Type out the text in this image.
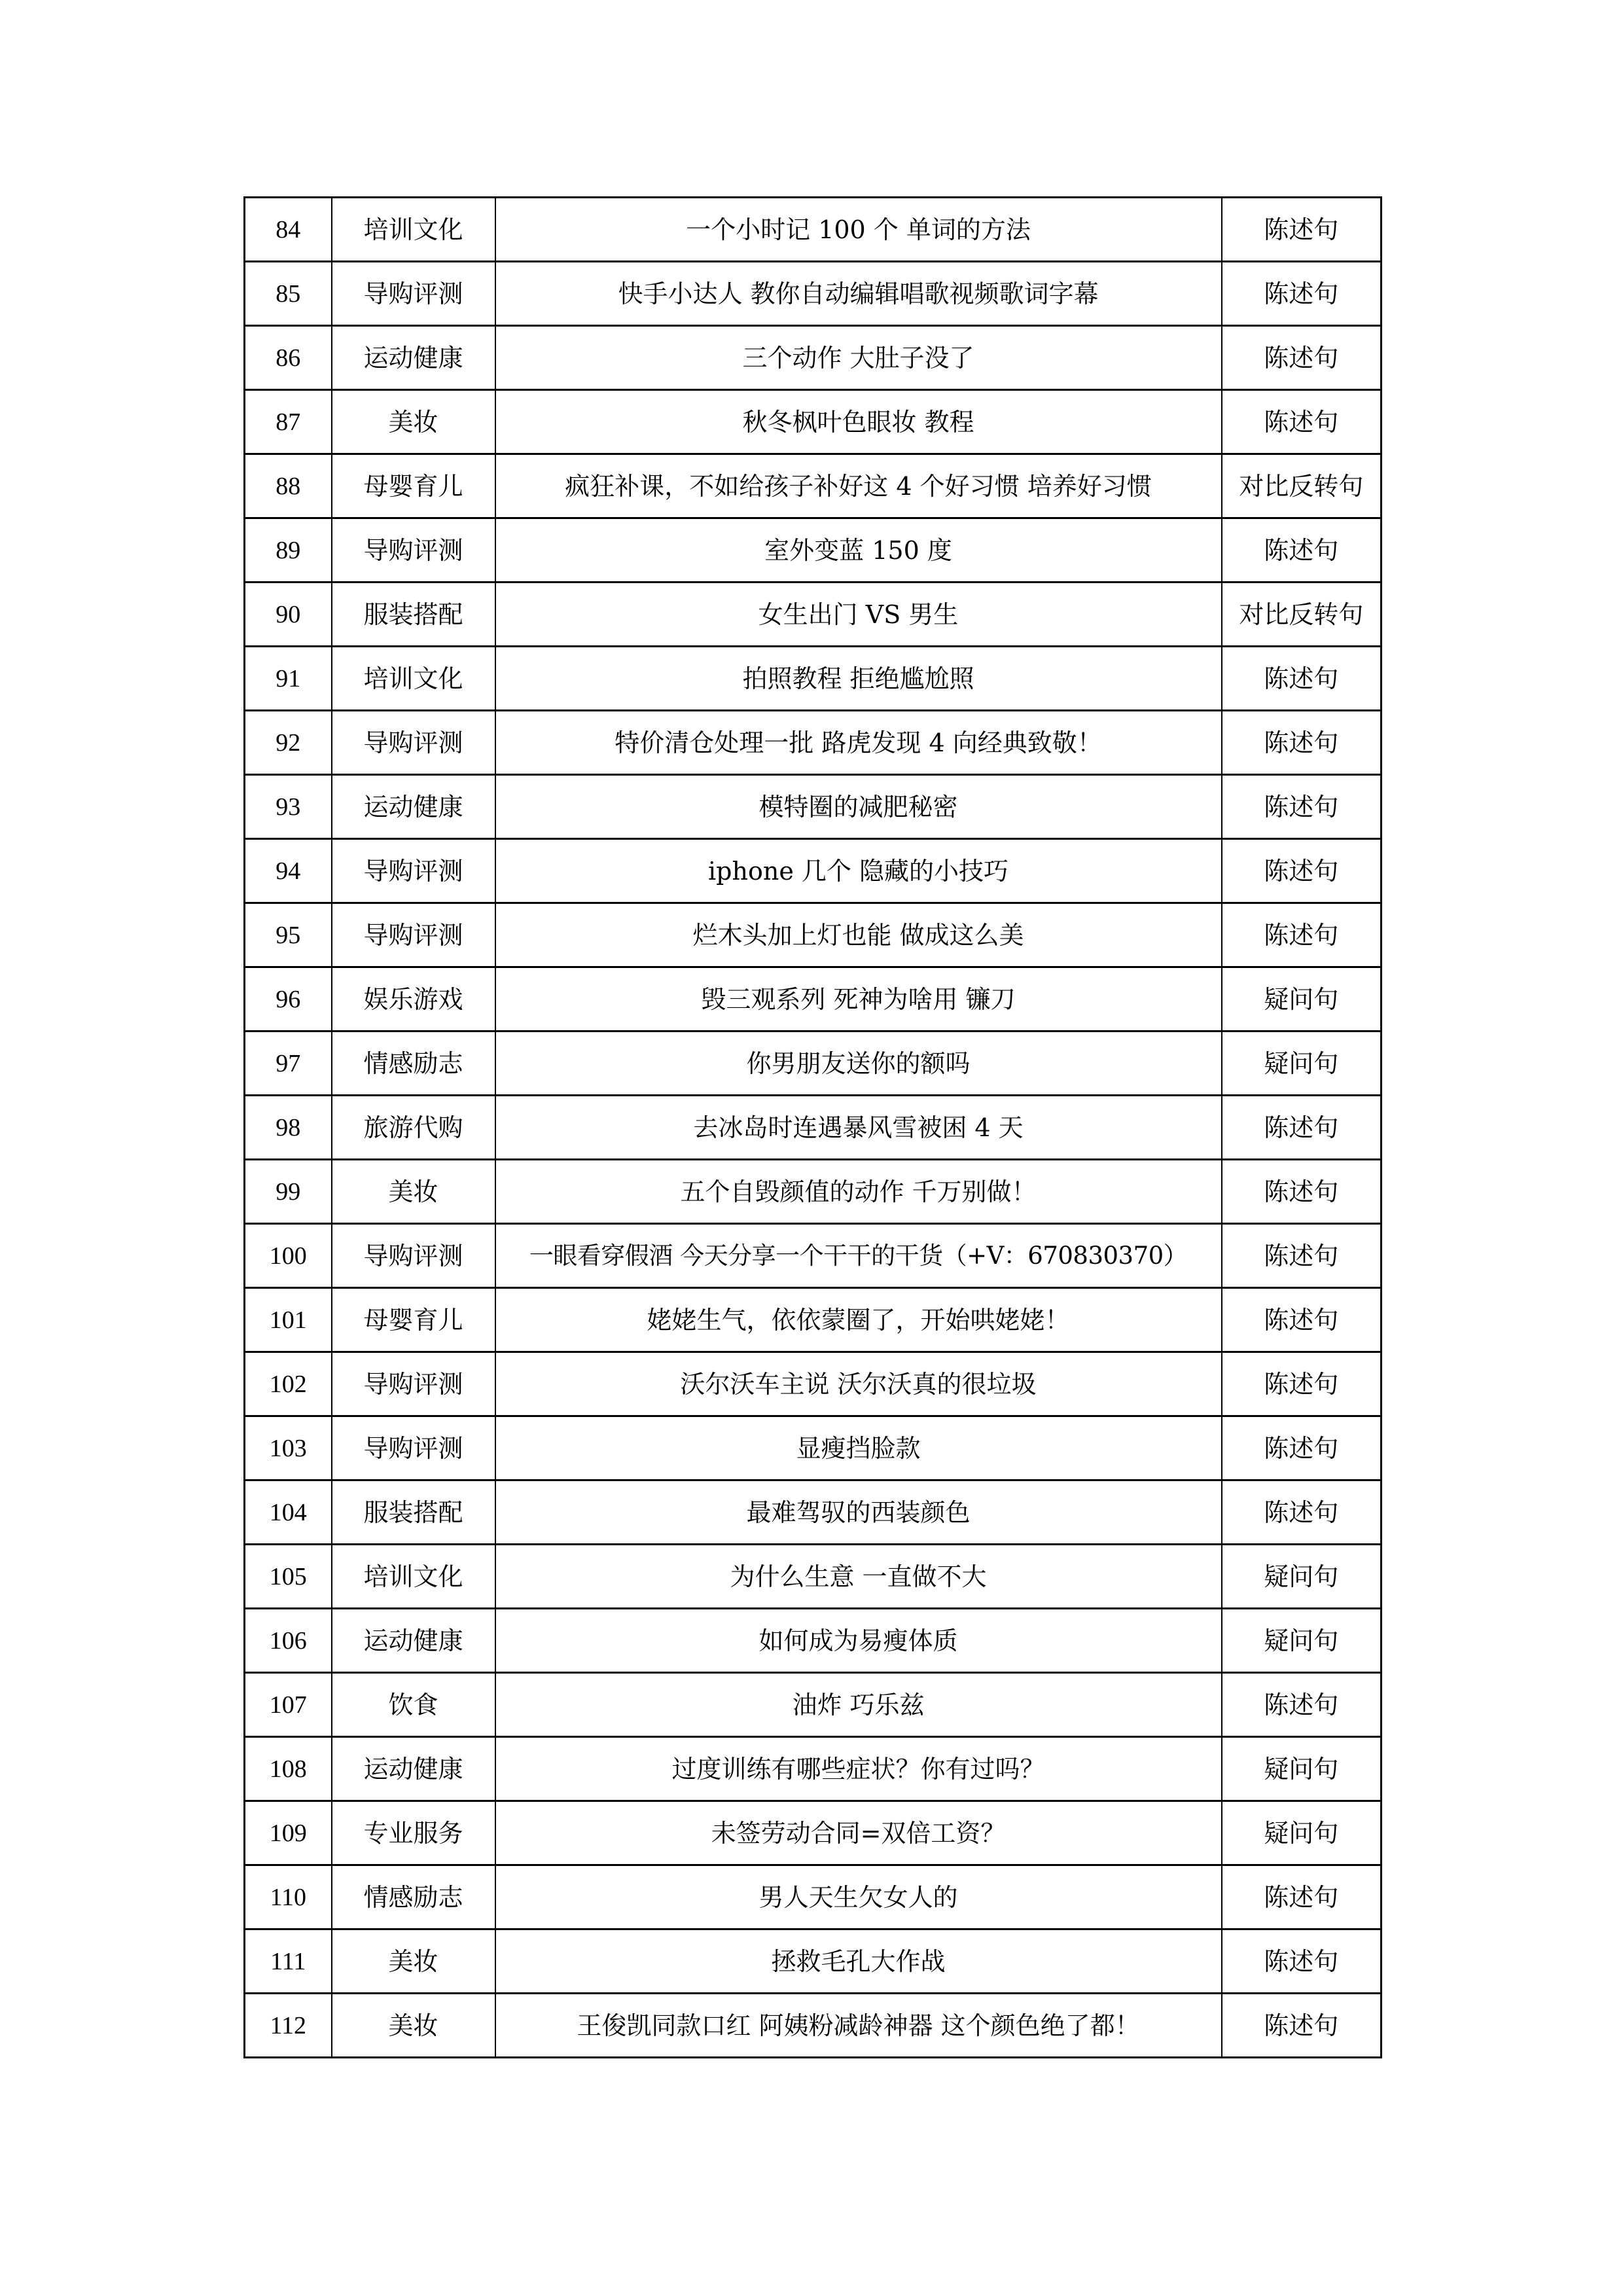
84	培训文化	一个小时记 100 个 单词的方法	陈述句
85	导购评测	快手小达人 教你自动编辑唱歌视频歌词字幕	陈述句
86	运动健康	三个动作 大肚子没了	陈述句
87	美妆	秋冬枫叶色眼妆 教程	陈述句
88	母婴育儿	疯狂补课，不如给孩子补好这 4 个好习惯 培养好习惯	对比反转句
89	导购评测	室外变蓝 150 度	陈述句
90	服装搭配	女生出门 VS 男生	对比反转句
91	培训文化	拍照教程 拒绝尴尬照	陈述句
92	导购评测	特价清仓处理一批 路虎发现 4 向经典致敬！	陈述句
93	运动健康	模特圈的减肥秘密	陈述句
94	导购评测	iphone 几个 隐藏的小技巧	陈述句
95	导购评测	烂木头加上灯也能 做成这么美	陈述句
96	娱乐游戏	毁三观系列 死神为啥用 镰刀	疑问句
97	情感励志	你男朋友送你的额吗	疑问句
98	旅游代购	去冰岛时连遇暴风雪被困 4 天	陈述句
99	美妆	五个自毁颜值的动作 千万别做！	陈述句
100	导购评测	一眼看穿假酒 今天分享一个干干的干货（+V：670830370）	陈述句
101	母婴育儿	姥姥生气，依依蒙圈了，开始哄姥姥！	陈述句
102	导购评测	沃尔沃车主说 沃尔沃真的很垃圾	陈述句
103	导购评测	显瘦挡脸款	陈述句
104	服装搭配	最难驾驭的西装颜色	陈述句
105	培训文化	为什么生意 一直做不大	疑问句
106	运动健康	如何成为易瘦体质	疑问句
107	饮食	油炸 巧乐兹	陈述句
108	运动健康	过度训练有哪些症状？你有过吗？	疑问句
109	专业服务	未签劳动合同=双倍工资？	疑问句
110	情感励志	男人天生欠女人的	陈述句
111	美妆	拯救毛孔大作战	陈述句
112	美妆	王俊凯同款口红 阿姨粉减龄神器 这个颜色绝了都！	陈述句
